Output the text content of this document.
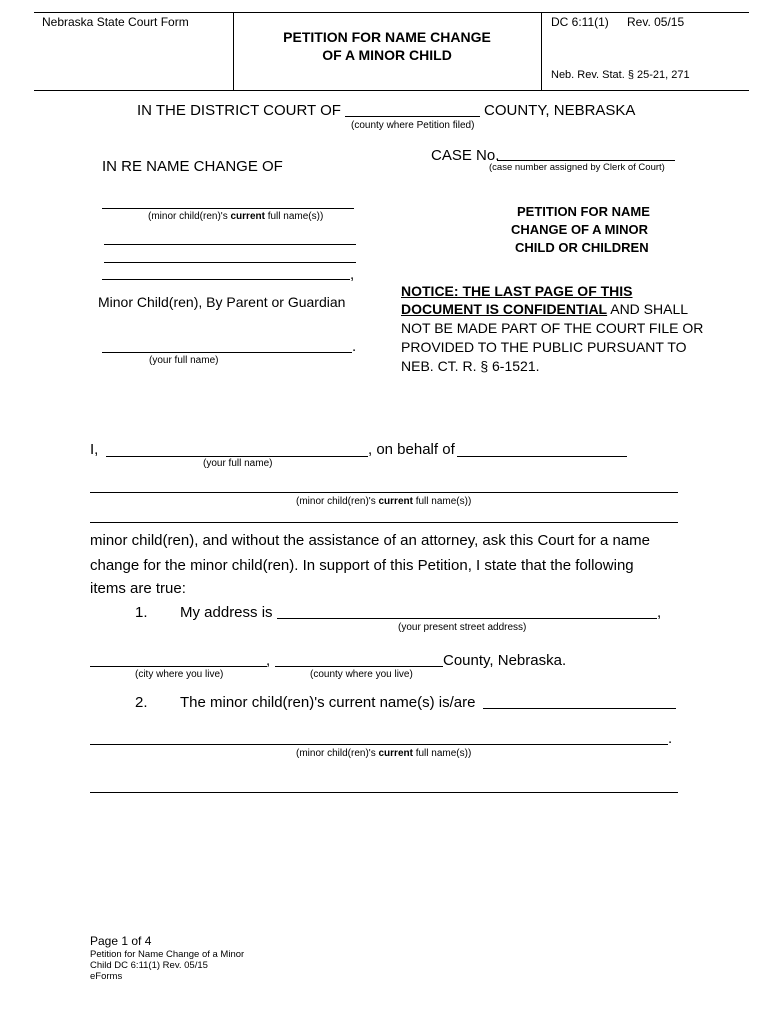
Nebraska State Court Form
PETITION FOR NAME CHANGE
OF A MINOR CHILD
DC 6:11(1) Rev. 05/15
Neb. Rev. Stat. § 25-21, 271
IN THE DISTRICT COURT OF	COUNTY, NEBRASKA
(county where Petition filed)
IN RE NAME CHANGE OF
CASE No.
(case number assigned by Clerk of Court)
(minor child(ren)'s current full name(s))
,
Minor Child(ren), By Parent or Guardian
.
(your full name)
PETITION FOR NAME
CHANGE OF A MINOR
CHILD OR CHILDREN
NOTICE: THE LAST PAGE OF THIS
DOCUMENT IS CONFIDENTIAL AND SHALL
NOT BE MADE PART OF THE COURT FILE OR
PROVIDED TO THE PUBLIC PURSUANT TO
NEB. CT. R. § 6-1521.
I,	, on behalf of
(your full name)
(minor child(ren)'s current full name(s))
minor child(ren), and without the assistance of an attorney, ask this Court for a name
change for the minor child(ren). In support of this Petition, I state that the following
items are true:
1. My address is	,
(your present street address)
,	County, Nebraska.
(city where you live)	(county where you live)
2. The minor child(ren)'s current name(s) is/are
.
(minor child(ren)'s current full name(s))
Page 1 of 4
Petition for Name Change of a Minor
Child DC 6:11(1) Rev. 05/15
eForms
